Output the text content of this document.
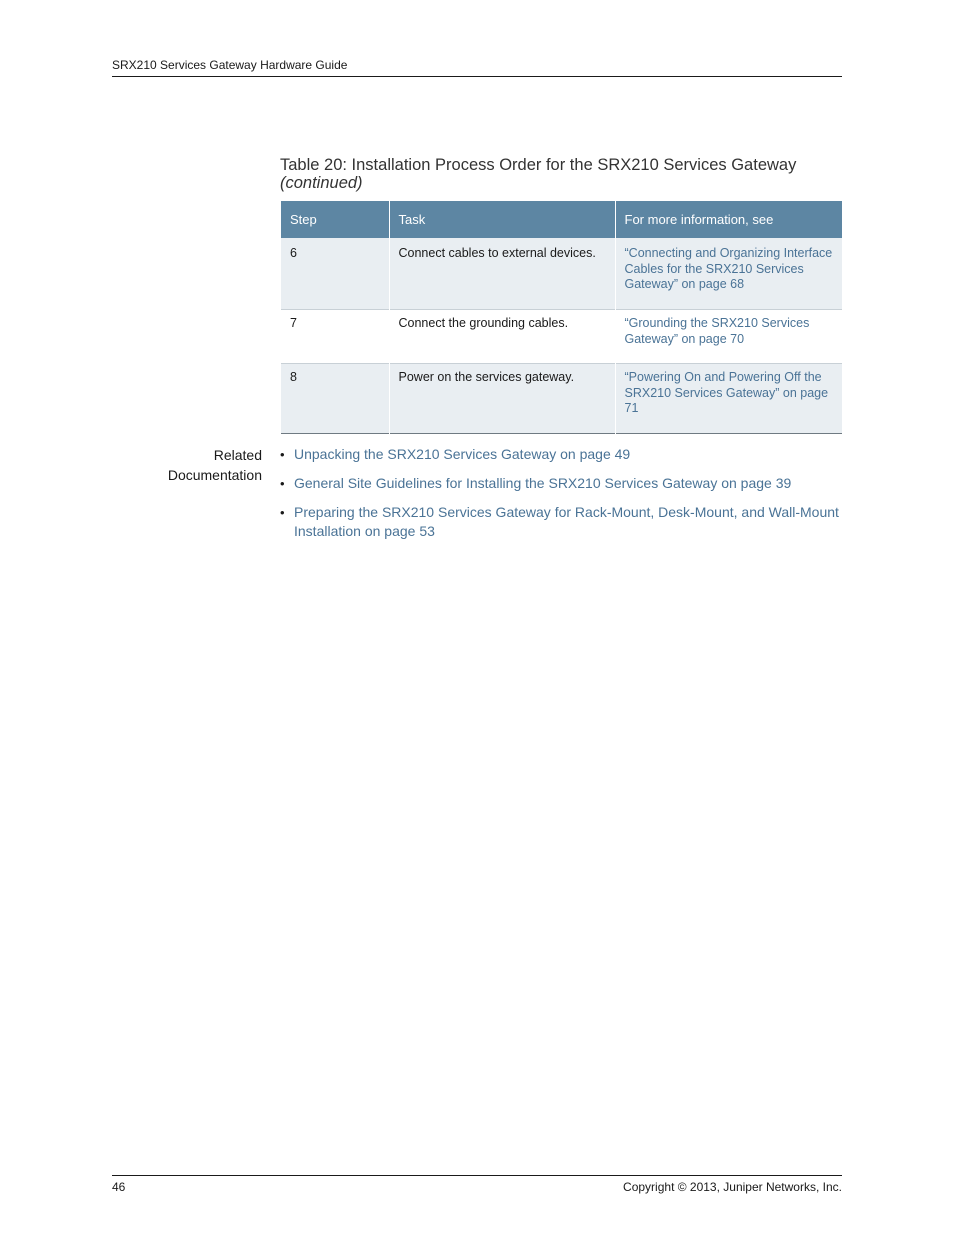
SRX210 Services Gateway Hardware Guide
Table 20: Installation Process Order for the SRX210 Services Gateway (continued)
Step	Task	For more information, see
6	Connect cables to external devices.	“Connecting and Organizing Interface Cables for the SRX210 Services Gateway” on page 68
7	Connect the grounding cables.	“Grounding the SRX210 Services Gateway” on page 70
8	Power on the services gateway.	“Powering On and Powering Off the SRX210 Services Gateway” on page 71
Related
Documentation
• Unpacking the SRX210 Services Gateway on page 49
• General Site Guidelines for Installing the SRX210 Services Gateway on page 39
• Preparing the SRX210 Services Gateway for Rack-Mount, Desk-Mount, and Wall-Mount Installation on page 53
46	Copyright © 2013, Juniper Networks, Inc.
